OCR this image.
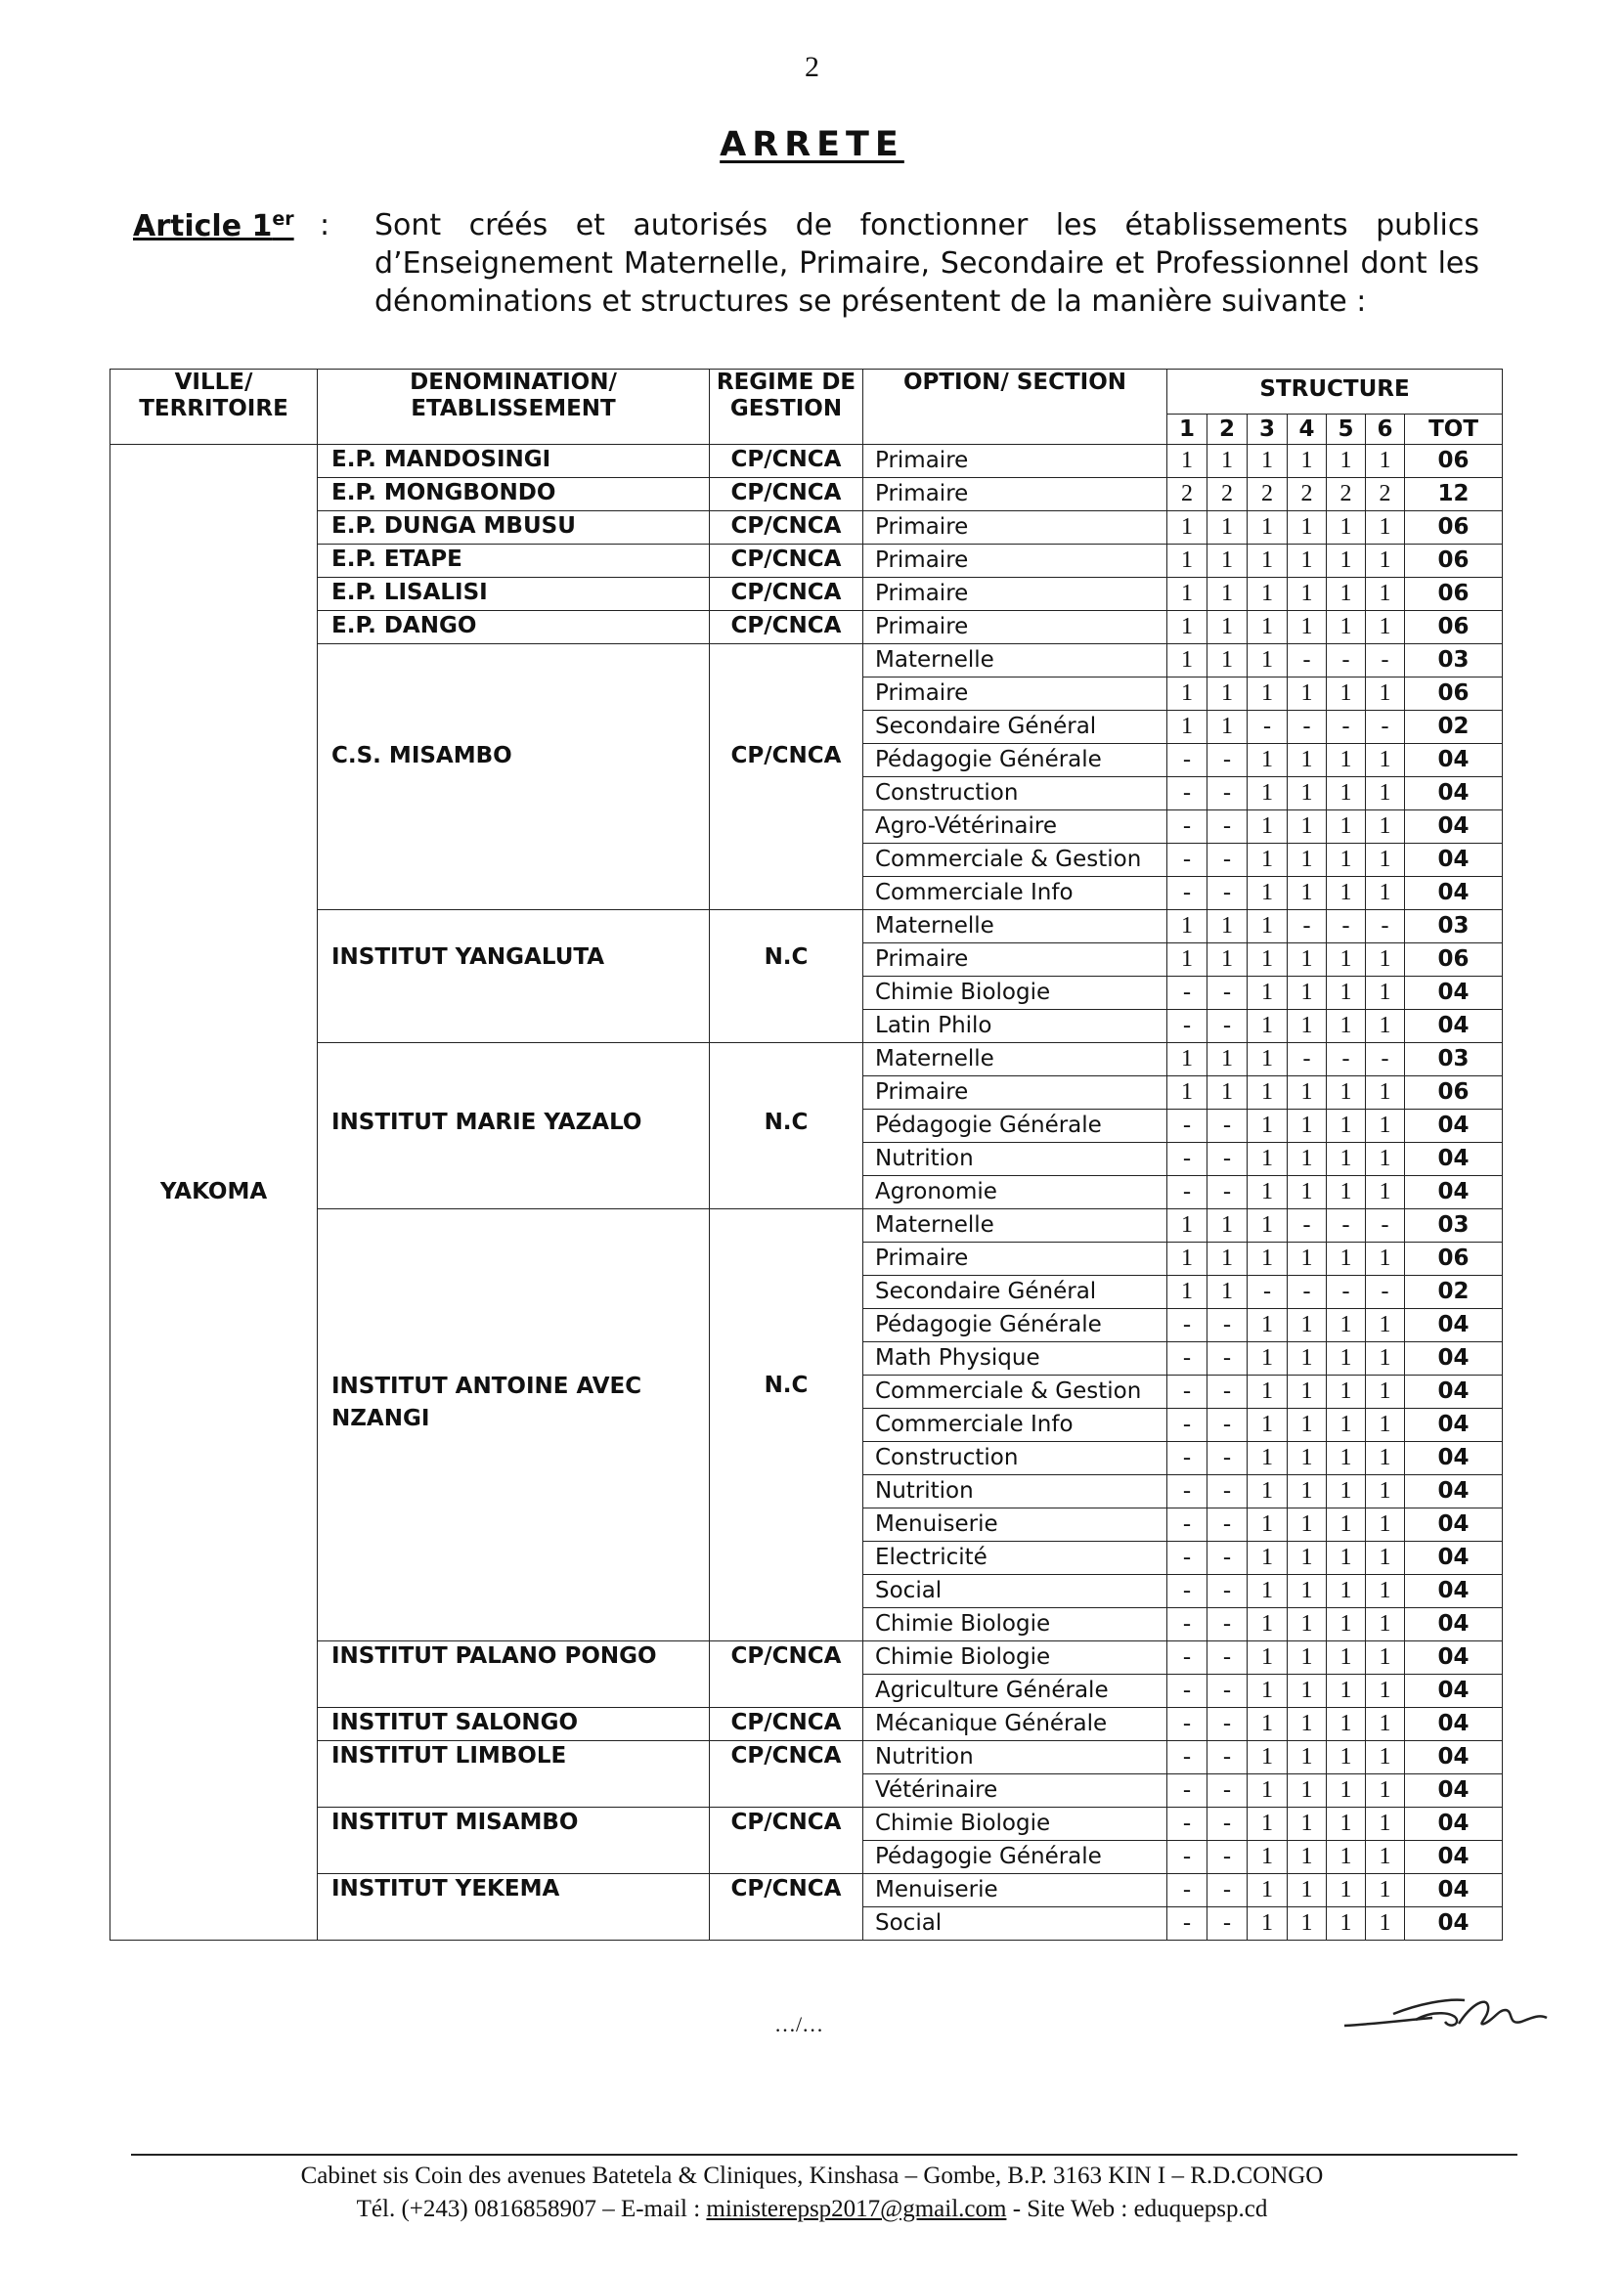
2
ARRETE
Article 1er : Sont créés et autorisés de fonctionner les établissements publics d’Enseignement Maternelle, Primaire, Secondaire et Professionnel dont les dénominations et structures se présentent de la manière suivante :
VILLE/ TERRITOIRE	DENOMINATION/ ETABLISSEMENT	REGIME DE GESTION	OPTION/ SECTION	STRUCTURE						
				1	2	3	4	5	6	TOT
YAKOMA	E.P. MANDOSINGI	CP/CNCA	Primaire	1	1	1	1	1	1	06
	E.P. MONGBONDO	CP/CNCA	Primaire	2	2	2	2	2	2	12
	E.P. DUNGA MBUSU	CP/CNCA	Primaire	1	1	1	1	1	1	06
	E.P. ETAPE	CP/CNCA	Primaire	1	1	1	1	1	1	06
	E.P. LISALISI	CP/CNCA	Primaire	1	1	1	1	1	1	06
	E.P. DANGO	CP/CNCA	Primaire	1	1	1	1	1	1	06
	C.S. MISAMBO	CP/CNCA	Maternelle	1	1	1	-	-	-	03
			Primaire	1	1	1	1	1	1	06
			Secondaire Général	1	1	-	-	-	-	02
			Pédagogie Générale	-	-	1	1	1	1	04
			Construction	-	-	1	1	1	1	04
			Agro-Vétérinaire	-	-	1	1	1	1	04
			Commerciale & Gestion	-	-	1	1	1	1	04
			Commerciale Info	-	-	1	1	1	1	04
	INSTITUT YANGALUTA	N.C	Maternelle	1	1	1	-	-	-	03
			Primaire	1	1	1	1	1	1	06
			Chimie Biologie	-	-	1	1	1	1	04
			Latin Philo	-	-	1	1	1	1	04
	INSTITUT MARIE YAZALO	N.C	Maternelle	1	1	1	-	-	-	03
			Primaire	1	1	1	1	1	1	06
			Pédagogie Générale	-	-	1	1	1	1	04
			Nutrition	-	-	1	1	1	1	04
			Agronomie	-	-	1	1	1	1	04
	INSTITUT ANTOINE AVEC NZANGI	N.C	Maternelle	1	1	1	-	-	-	03
			Primaire	1	1	1	1	1	1	06
			Secondaire Général	1	1	-	-	-	-	02
			Pédagogie Générale	-	-	1	1	1	1	04
			Math Physique	-	-	1	1	1	1	04
			Commerciale & Gestion	-	-	1	1	1	1	04
			Commerciale Info	-	-	1	1	1	1	04
			Construction	-	-	1	1	1	1	04
			Nutrition	-	-	1	1	1	1	04
			Menuiserie	-	-	1	1	1	1	04
			Electricité	-	-	1	1	1	1	04
			Social	-	-	1	1	1	1	04
			Chimie Biologie	-	-	1	1	1	1	04
	INSTITUT PALANO PONGO	CP/CNCA	Chimie Biologie	-	-	1	1	1	1	04
			Agriculture Générale	-	-	1	1	1	1	04
	INSTITUT SALONGO	CP/CNCA	Mécanique Générale	-	-	1	1	1	1	04
	INSTITUT LIMBOLE	CP/CNCA	Nutrition	-	-	1	1	1	1	04
			Vétérinaire	-	-	1	1	1	1	04
	INSTITUT MISAMBO	CP/CNCA	Chimie Biologie	-	-	1	1	1	1	04
			Pédagogie Générale	-	-	1	1	1	1	04
	INSTITUT YEKEMA	CP/CNCA	Menuiserie	-	-	1	1	1	1	04
			Social	-	-	1	1	1	1	04
…/…
Cabinet sis Coin des avenues Batetela & Cliniques, Kinshasa – Gombe, B.P. 3163 KIN I – R.D.CONGO
Tél. (+243) 0816858907 – E-mail : ministerepsp2017@gmail.com - Site Web : eduquepsp.cd
